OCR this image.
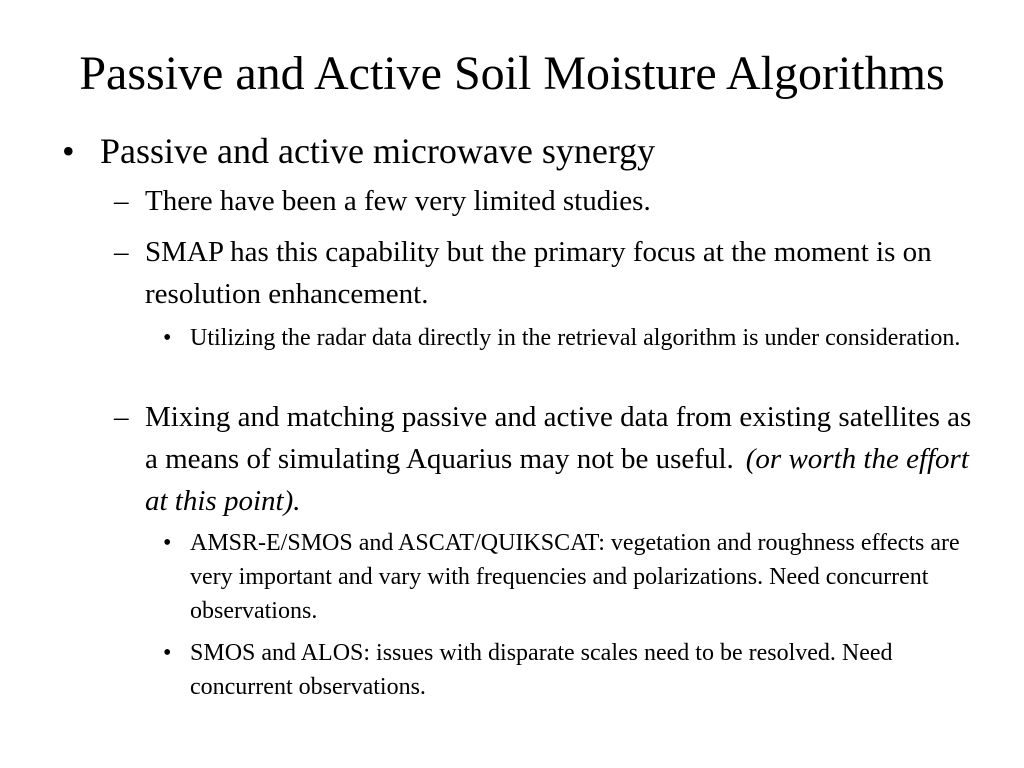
Passive and Active Soil Moisture Algorithms
• Passive and active microwave synergy
– There have been a few very limited studies.
– SMAP has this capability but the primary focus at the moment is on resolution enhancement.
• Utilizing the radar data directly in the retrieval algorithm is under consideration.
– Mixing and matching passive and active data from existing satellites as a means of simulating Aquarius may not be useful. (or worth the effort at this point).
• AMSR-E/SMOS and ASCAT/QUIKSCAT: vegetation and roughness effects are very important and vary with frequencies and polarizations. Need concurrent observations.
• SMOS and ALOS: issues with disparate scales need to be resolved. Need concurrent observations.
